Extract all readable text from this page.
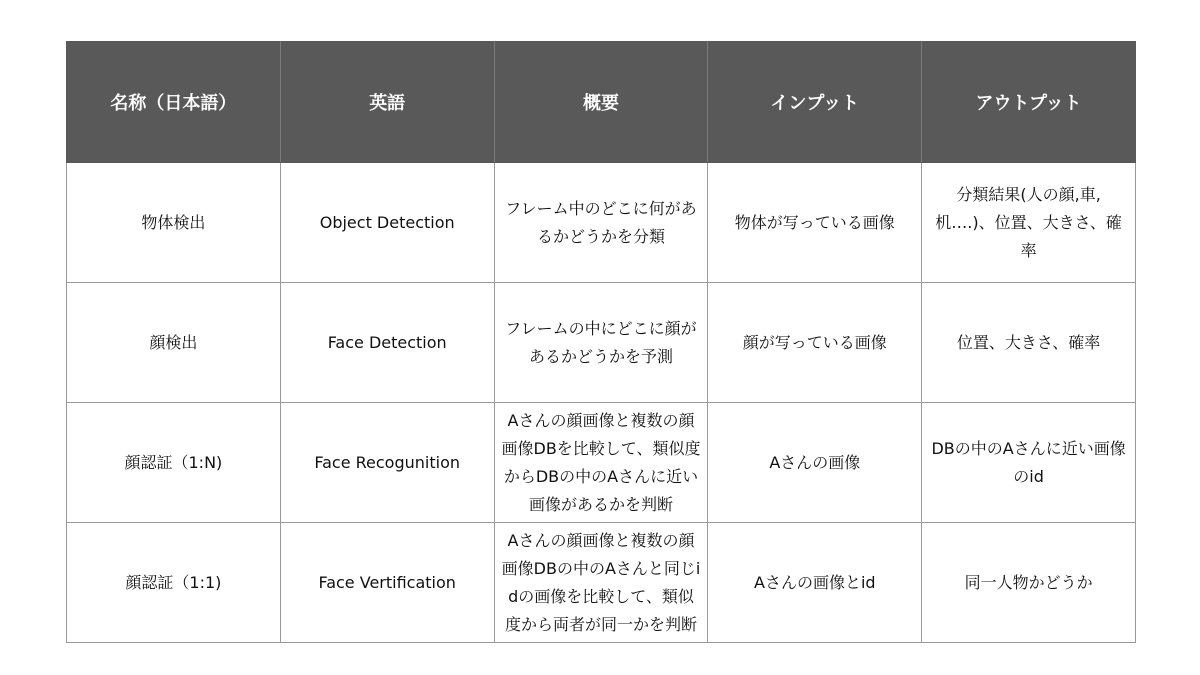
名称（日本語）	英語	概要	インプット	アウトプット
物体検出	Object Detection	フレーム中のどこに何があるかどうかを分類	物体が写っている画像	分類結果(人の顔,車,机….)、位置、大きさ、確率
顔検出	Face Detection	フレームの中にどこに顔があるかどうかを予測	顔が写っている画像	位置、大きさ、確率
顔認証（1:N)	Face Recogunition	Aさんの顔画像と複数の顔画像DBを比較して、類似度からDBの中のAさんに近い画像があるかを判断	Aさんの画像	DBの中のAさんに近い画像のid
顔認証（1:1)	Face Vertification	Aさんの顔画像と複数の顔画像DBの中のAさんと同じidの画像を比較して、類似度から両者が同一かを判断	Aさんの画像とid	同一人物かどうか
